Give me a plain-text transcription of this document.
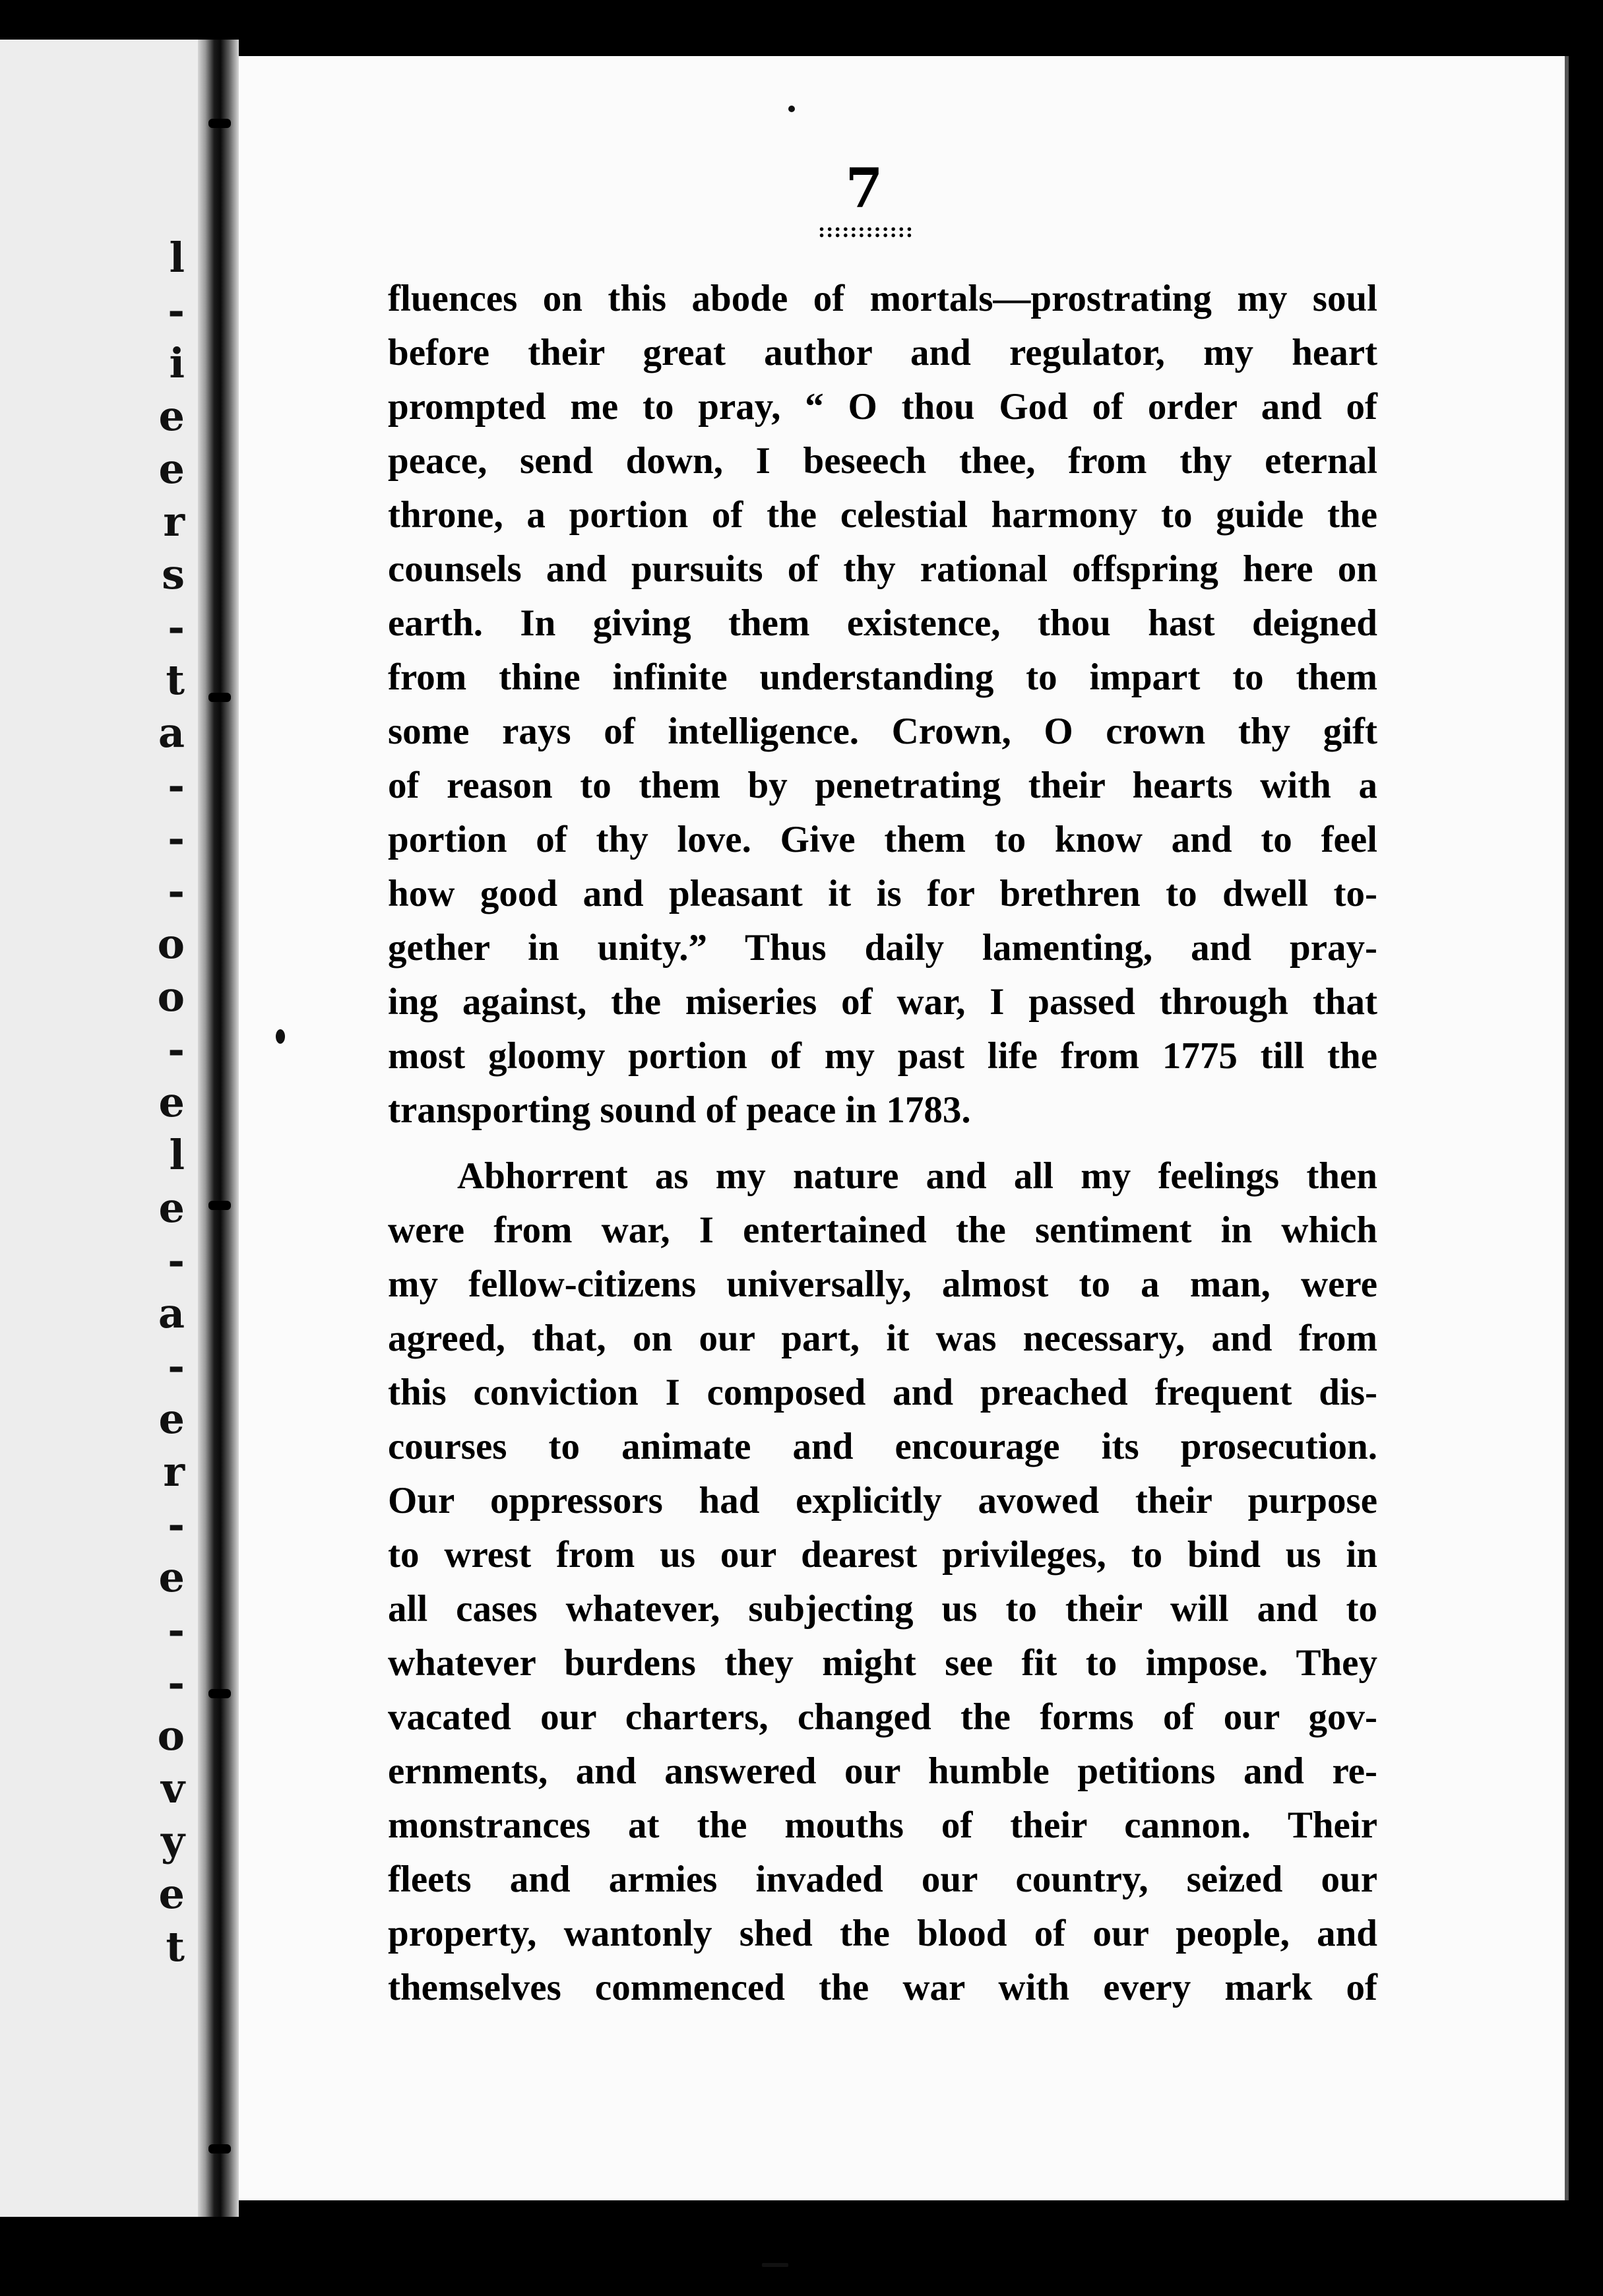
l
-
i
e
e
r
s
-
t
a
-
-
-
o
o
-
e
l
e
-
a
-
e
r
-
e
-
-
o
v
y
e
t
7
::::::::::::
fluences on this abode of mortals—prostrating my soul
before their great author and regulator, my heart
prompted me to pray, “ O thou God of order and of
peace, send down, I beseech thee, from thy eternal
throne, a portion of the celestial harmony to guide the
counsels and pursuits of thy rational offspring here on
earth. In giving them existence, thou hast deigned
from thine infinite understanding to impart to them
some rays of intelligence. Crown, O crown thy gift
of reason to them by penetrating their hearts with a
portion of thy love. Give them to know and to feel
how good and pleasant it is for brethren to dwell to-
gether in unity.” Thus daily lamenting, and pray-
ing against, the miseries of war, I passed through that
most gloomy portion of my past life from 1775 till the
transporting sound of peace in 1783.
Abhorrent as my nature and all my feelings then
were from war, I entertained the sentiment in which
my fellow-citizens universally, almost to a man, were
agreed, that, on our part, it was necessary, and from
this conviction I composed and preached frequent dis-
courses to animate and encourage its prosecution.
Our oppressors had explicitly avowed their purpose
to wrest from us our dearest privileges, to bind us in
all cases whatever, subjecting us to their will and to
whatever burdens they might see fit to impose. They
vacated our charters, changed the forms of our gov-
ernments, and answered our humble petitions and re-
monstrances at the mouths of their cannon. Their
fleets and armies invaded our country, seized our
property, wantonly shed the blood of our people, and
themselves commenced the war with every mark of
